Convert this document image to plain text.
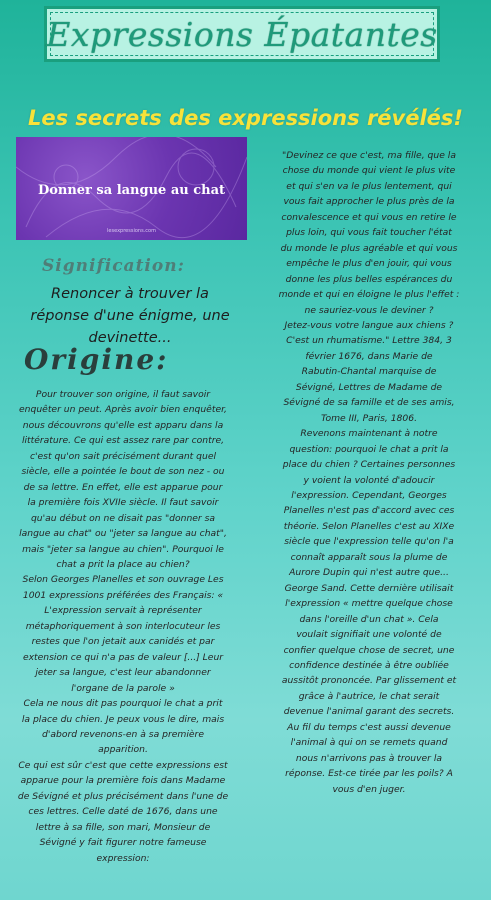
Expressions Épatantes
Les secrets des expressions révélés!
Donner sa langue au chat
lesexpressions.com
Signification:
Renoncer à trouver la
réponse d'une énigme, une
devinette...
Origine:

Pour trouver son origine, il faut savoir

enquêter un peut. Après avoir bien enquêter,

nous découvrons qu'elle est apparu dans la

littérature. Ce qui est assez rare par contre,

c'est qu'on sait précisément durant quel

siècle, elle a pointée le bout de son nez - ou

de sa lettre. En effet, elle est apparue pour

la première fois XVIIe siècle. Il faut savoir

qu'au début on ne disait pas "donner sa

langue au chat" ou "jeter sa langue au chat",

mais "jeter sa langue au chien". Pourquoi le

chat a prit la place au chien?

Selon Georges Planelles et son ouvrage Les

1001 expressions préférées des Français: «

L'expression servait à représenter

métaphoriquement à son interlocuteur les

restes que l'on jetait aux canidés et par

extension ce qui n'a pas de valeur [...] Leur

jeter sa langue, c'est leur abandonner

l'organe de la parole »

Cela ne nous dit pas pourquoi le chat a prit

la place du chien. Je peux vous le dire, mais

d'abord revenons-en à sa première

apparition.

Ce qui est sûr c'est que cette expressions est

apparue pour la première fois dans Madame

de Sévigné et plus précisément dans l'une de

ces lettres. Celle daté de 1676, dans une

lettre à sa fille, son mari, Monsieur de

Sévigné y fait figurer notre fameuse

expression:

"Devinez ce que c'est, ma fille, que la

chose du monde qui vient le plus vite

et qui s'en va le plus lentement, qui

vous fait approcher le plus près de la

convalescence et qui vous en retire le

plus loin, qui vous fait toucher l'état

du monde le plus agréable et qui vous

empêche le plus d'en jouir, qui vous

donne les plus belles espérances du

monde et qui en éloigne le plus l'effet :

ne sauriez-vous le deviner ?

Jetez-vous votre langue aux chiens ?

C'est un rhumatisme." Lettre 384, 3

février 1676, dans Marie de

Rabutin-Chantal marquise de

Sévigné, Lettres de Madame de

Sévigné de sa famille et de ses amis,

Tome III, Paris, 1806.

Revenons maintenant à notre

question: pourquoi le chat a prit la

place du chien ? Certaines personnes

y voient la volonté d'adoucir

l'expression. Cependant, Georges

Planelles n'est pas d'accord avec ces

théorie. Selon Planelles c'est au XIXe

siècle que l'expression telle qu'on l'a

connaît apparaît sous la plume de

Aurore Dupin qui n'est autre que...

George Sand. Cette dernière utilisait

l'expression « mettre quelque chose

dans l'oreille d'un chat ». Cela

voulait signifiait une volonté de

confier quelque chose de secret, une

confidence destinée à être oubliée

aussitôt prononcée. Par glissement et

grâce à l'autrice, le chat serait

devenue l'animal garant des secrets.

Au fil du temps c'est aussi devenue

l'animal à qui on se remets quand

nous n'arrivons pas à trouver la

réponse. Est-ce tirée par les poils? A

vous d'en juger.
